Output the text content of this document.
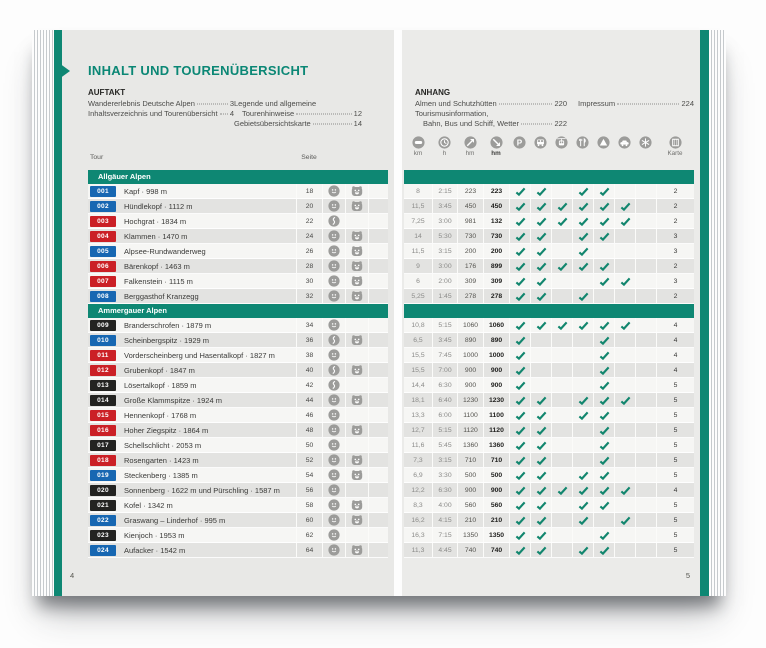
INHALT UND TOURENÜBERSICHT
AUFTAKT
Wandererlebnis Deutsche Alpen	3
Inhaltsverzeichnis und Tourenübersicht 4

Legende und allgemeine
Tourenhinweise	12
Gebietsübersichtskarte	14
Tour	Seite
Allgäuer Alpen
001	Kapf · 998 m	18
002	Hündlekopf · 1112 m	20
003	Hochgrat · 1834 m	22
004	Klammen · 1470 m	24
005	Alpsee-Rundwanderweg	26
006	Bärenkopf · 1463 m	28
007	Falkenstein · 1115 m	30
008	Berggasthof Kranzegg	32
Ammergauer Alpen
009	Branderschrofen · 1879 m	34
010	Scheinbergspitz · 1929 m	36
011	Vorderscheinberg und Hasentalkopf · 1827 m	38
012	Grubenkopf · 1847 m	40
013	Lösertalkopf · 1859 m	42
014	Große Klammspitze · 1924 m	44
015	Hennenkopf · 1768 m	46
016	Hoher Ziegspitz · 1864 m	48
017	Schellschlicht · 2053 m	50
018	Rosengarten · 1423 m	52
019	Steckenberg · 1385 m	54
020	Sonnenberg · 1622 m und Pürschling · 1587 m	56
021	Kofel · 1342 m	58
022	Graswang – Linderhof · 995 m	60
023	Kienjoch · 1953 m	62
024	Aufacker · 1542 m	64
4
ANHANG
Almen und Schutzhütten	220
Tourismusinformation,
Bahn, Bus und Schiff, Wetter	222

Impressum	224
km	h	hm	hm
P

Karte
8	2:15	223	223	2
11,5	3:45	450	450	2
7,25	3:00	981	132	2
14	5:30	730	730	3
11,5	3:15	200	200	3
9	3:00	176	899	2
6	2:00	309	309	3
5,25	1:45	278	278	2
10,8	5:15	1060	1060	4
6,5	3:45	890	890	4
15,5	7:45	1000	1000	4
15,5	7:00	900	900	4
14,4	6:30	900	900	5
18,1	6:40	1230	1230	5
13,3	6:00	1100	1100	5
12,7	5:15	1120	1120	5
11,6	5:45	1360	1360	5
7,3	3:15	710	710	5
6,9	3:30	500	500	5
12,2	6:30	900	900	4
8,3	4:00	560	560	5
16,2	4:15	210	210	5
16,3	7:15	1350	1350	5
11,3	4:45	740	740	5
5
